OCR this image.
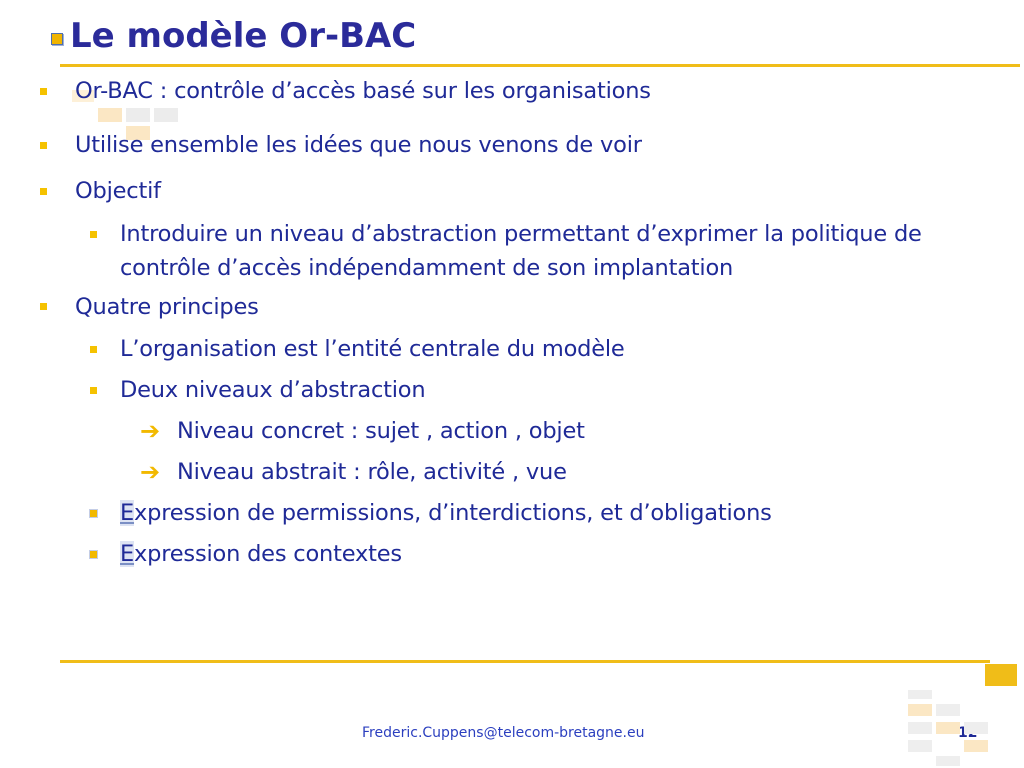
Le modèle Or-BAC
Or-BAC : contrôle d’accès basé sur les organisations
Utilise ensemble les idées que nous venons de voir
Objectif
Introduire un niveau d’abstraction permettant d’exprimer la politique de contrôle d’accès indépendamment de son implantation
Quatre principes
L’organisation est l’entité centrale du modèle
Deux niveaux d’abstraction
➔ Niveau concret : sujet , action , objet
➔ Niveau abstrait : rôle, activité , vue
Expression de permissions, d’interdictions, et d’obligations
Expression des contextes
Frederic.Cuppens@telecom-bretagne.eu
